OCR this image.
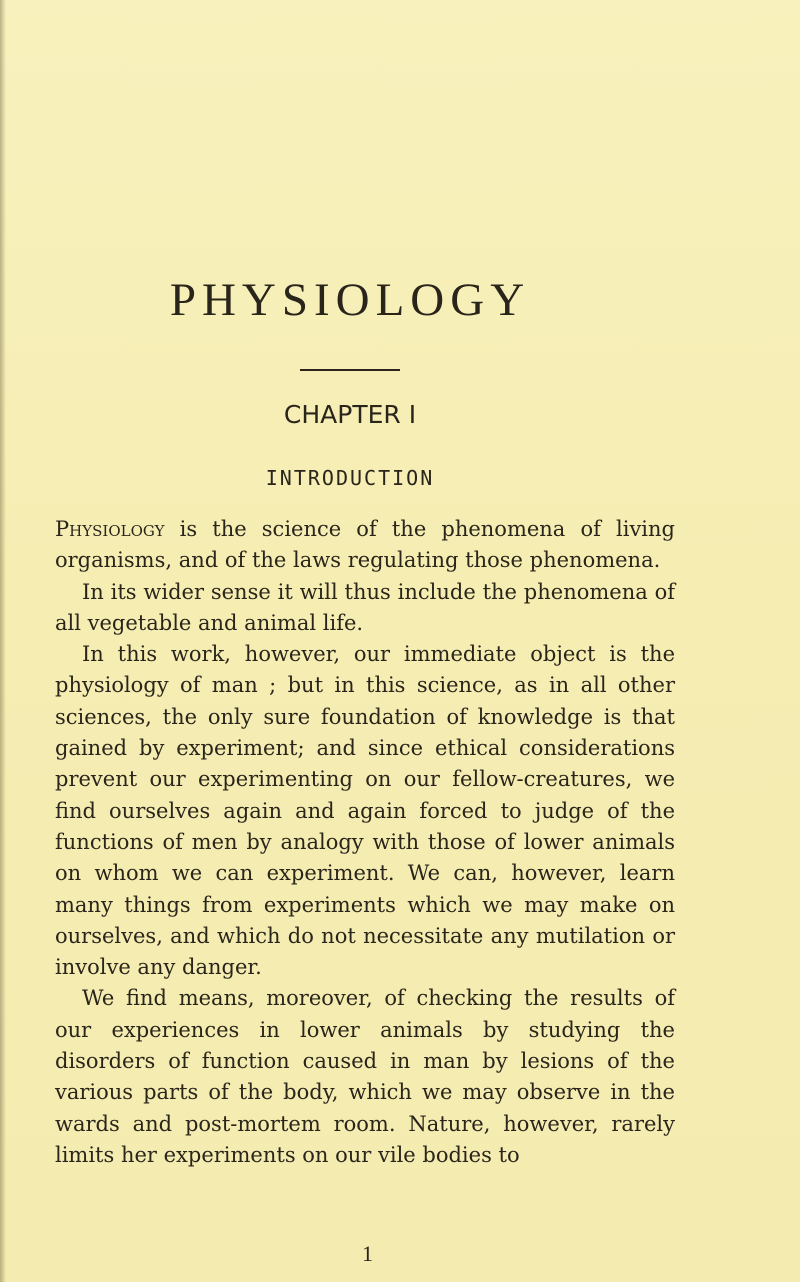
PHYSIOLOGY
CHAPTER I
INTRODUCTION

Physiology is the science of the phenomena of living organisms, and of the laws regulating those phenomena.

In its wider sense it will thus include the phenomena of all vegetable and animal life.

In this work, however, our immediate object is the physiology of man ; but in this science, as in all other sciences, the only sure foundation of knowledge is that gained by experiment; and since ethical considerations prevent our experimenting on our fellow-creatures, we find ourselves again and again forced to judge of the functions of men by analogy with those of lower animals on whom we can experiment. We can, however, learn many things from experiments which we may make on ourselves, and which do not necessitate any mutilation or involve any danger.

We find means, moreover, of checking the results of our experiences in lower animals by studying the disorders of function caused in man by lesions of the various parts of the body, which we may observe in the wards and post-mortem room. Nature, however, rarely limits her experiments on our vile bodies to

1
